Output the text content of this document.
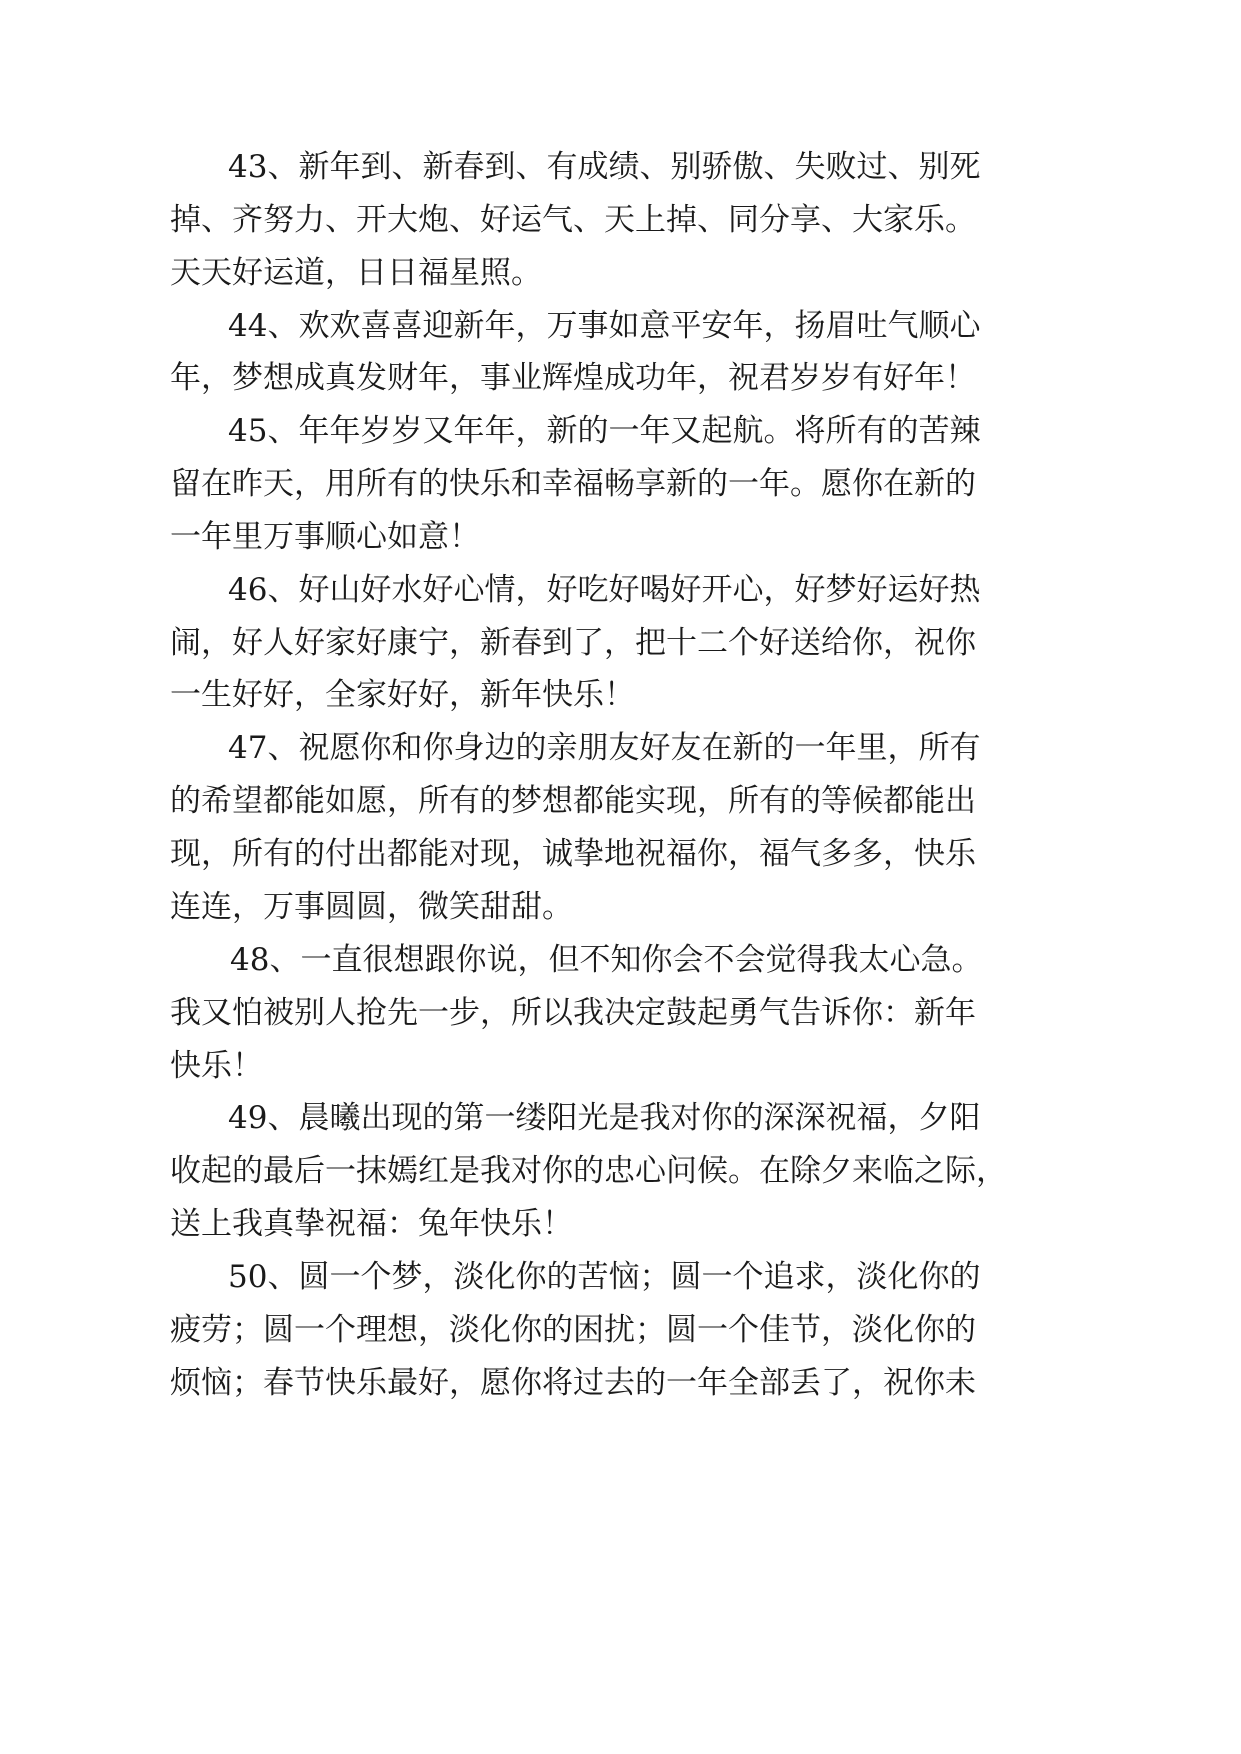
43、新年到、新春到、有成绩、别骄傲、失败过、别死

掉、齐努力、开大炮、好运气、天上掉、同分享、大家乐。

天天好运道，日日福星照。

44、欢欢喜喜迎新年，万事如意平安年，扬眉吐气顺心

年，梦想成真发财年，事业辉煌成功年，祝君岁岁有好年！

45、年年岁岁又年年，新的一年又起航。将所有的苦辣

留在昨天，用所有的快乐和幸福畅享新的一年。愿你在新的

一年里万事顺心如意！

46、好山好水好心情，好吃好喝好开心，好梦好运好热

闹，好人好家好康宁，新春到了，把十二个好送给你，祝你

一生好好，全家好好，新年快乐！

47、祝愿你和你身边的亲朋友好友在新的一年里，所有

的希望都能如愿，所有的梦想都能实现，所有的等候都能出

现，所有的付出都能对现，诚挚地祝福你，福气多多，快乐

连连，万事圆圆，微笑甜甜。

48、一直很想跟你说，但不知你会不会觉得我太心急。

我又怕被别人抢先一步，所以我决定鼓起勇气告诉你：新年

快乐！

49、晨曦出现的第一缕阳光是我对你的深深祝福，夕阳

收起的最后一抹嫣红是我对你的忠心问候。在除夕来临之际，

送上我真挚祝福：兔年快乐！

50、圆一个梦，淡化你的苦恼；圆一个追求，淡化你的

疲劳；圆一个理想，淡化你的困扰；圆一个佳节，淡化你的

烦恼；春节快乐最好，愿你将过去的一年全部丢了，祝你未
